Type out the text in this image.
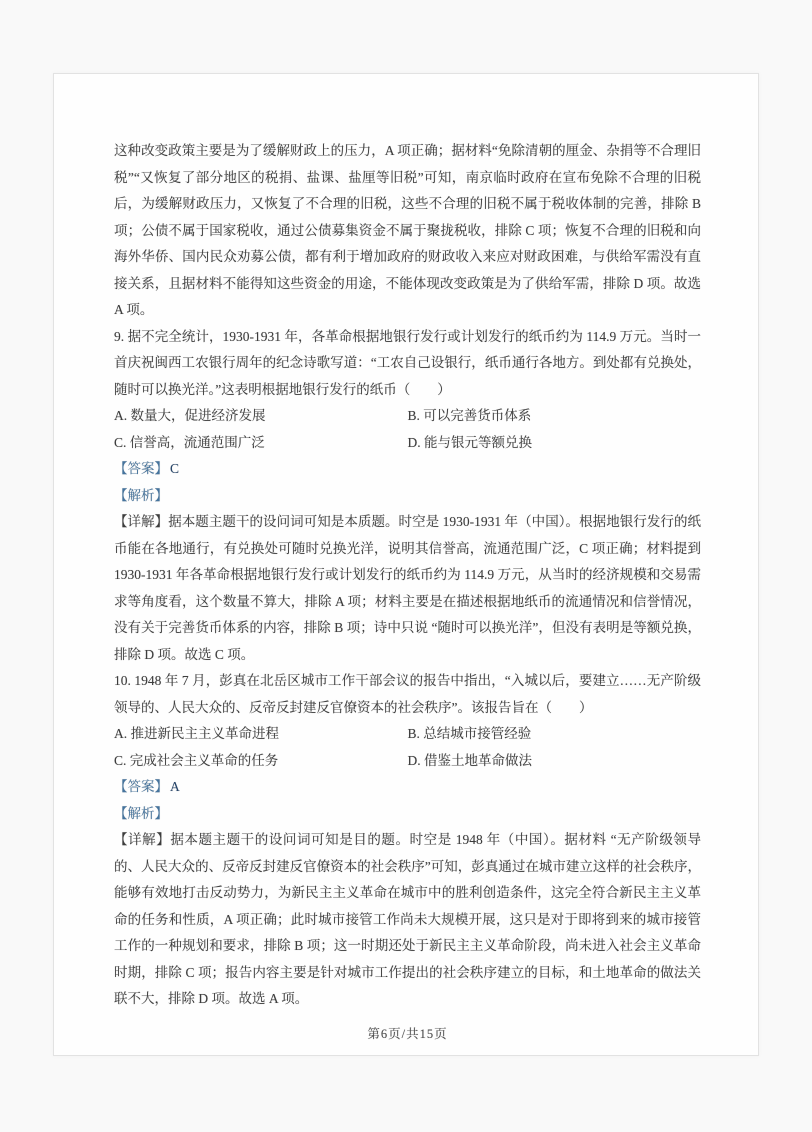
这种改变政策主要是为了缓解财政上的压力，A 项正确；据材料“免除清朝的厘金、杂捐等不合理旧税”“又恢复了部分地区的税捐、盐课、盐厘等旧税”可知，南京临时政府在宣布免除不合理的旧税后，为缓解财政压力，又恢复了不合理的旧税，这些不合理的旧税不属于税收体制的完善，排除 B 项；公债不属于国家税收，通过公债募集资金不属于聚拢税收，排除 C 项；恢复不合理的旧税和向海外华侨、国内民众劝募公债，都有利于增加政府的财政收入来应对财政困难，与供给军需没有直接关系，且据材料不能得知这些资金的用途，不能体现改变政策是为了供给军需，排除 D 项。故选 A 项。

9. 据不完全统计，1930-1931 年，各革命根据地银行发行或计划发行的纸币约为 114.9 万元。当时一首庆祝闽西工农银行周年的纪念诗歌写道：“工农自己设银行，纸币通行各地方。到处都有兑换处，随时可以换光洋。”这表明根据地银行发行的纸币（　　）

A. 数量大，促进经济发展	B. 可以完善货币体系
C. 信誉高，流通范围广泛	D. 能与银元等额兑换
【答案】 C
【解析】

【详解】据本题主题干的设问词可知是本质题。时空是 1930-1931 年（中国）。根据地银行发行的纸币能在各地通行，有兑换处可随时兑换光洋，说明其信誉高，流通范围广泛，C 项正确；材料提到 1930-1931 年各革命根据地银行发行或计划发行的纸币约为 114.9 万元，从当时的经济规模和交易需求等角度看，这个数量不算大，排除 A 项；材料主要是在描述根据地纸币的流通情况和信誉情况，没有关于完善货币体系的内容，排除 B 项；诗中只说 “随时可以换光洋”，但没有表明是等额兑换，排除 D 项。故选 C 项。

10. 1948 年 7 月，彭真在北岳区城市工作干部会议的报告中指出，“入城以后，要建立……无产阶级领导的、人民大众的、反帝反封建反官僚资本的社会秩序”。该报告旨在（　　）

A. 推进新民主主义革命进程	B. 总结城市接管经验
C. 完成社会主义革命的任务	D. 借鉴土地革命做法
【答案】 A
【解析】

【详解】据本题主题干的设问词可知是目的题。时空是 1948 年（中国）。据材料 “无产阶级领导的、人民大众的、反帝反封建反官僚资本的社会秩序”可知，彭真通过在城市建立这样的社会秩序，能够有效地打击反动势力，为新民主主义革命在城市中的胜利创造条件，这完全符合新民主主义革命的任务和性质，A 项正确；此时城市接管工作尚未大规模开展，这只是对于即将到来的城市接管工作的一种规划和要求，排除 B 项；这一时期还处于新民主主义革命阶段，尚未进入社会主义革命时期，排除 C 项；报告内容主要是针对城市工作提出的社会秩序建立的目标，和土地革命的做法关联不大，排除 D 项。故选 A 项。

第6页/共15页
